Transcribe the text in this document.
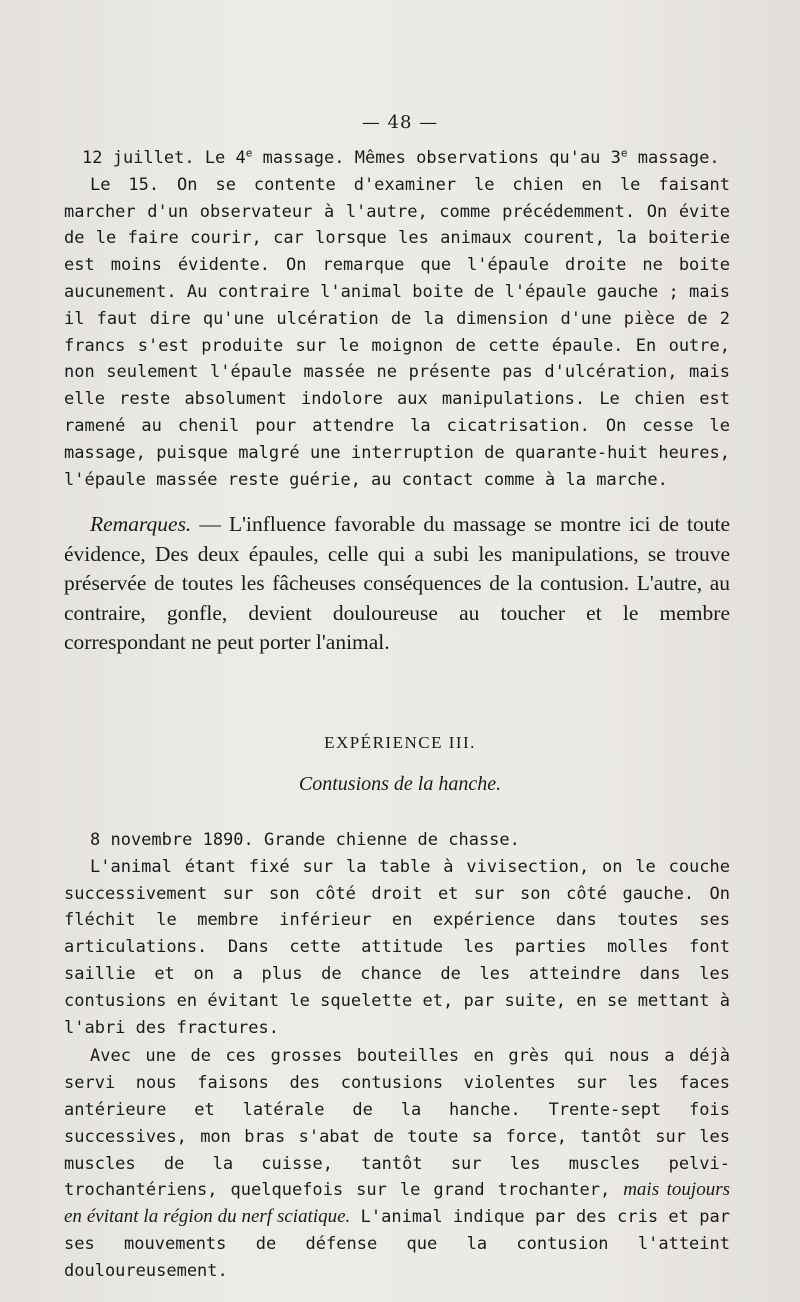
— 48 —

12 juillet. Le 4e massage. Mêmes observations qu'au 3e massage.

Le 15. On se contente d'examiner le chien en le faisant marcher d'un observateur à l'autre, comme précédemment. On évite de le faire courir, car lorsque les animaux courent, la boiterie est moins évidente. On remarque que l'épaule droite ne boite aucunement. Au contraire l'animal boite de l'épaule gauche ; mais il faut dire qu'une ulcération de la dimension d'une pièce de 2 francs s'est produite sur le moignon de cette épaule. En outre, non seulement l'épaule massée ne présente pas d'ulcération, mais elle reste absolument indolore aux manipulations. Le chien est ramené au chenil pour attendre la cicatrisation. On cesse le massage, puisque malgré une interruption de quarante-huit heures, l'épaule massée reste guérie, au contact comme à la marche.

Remarques. — L'influence favorable du massage se montre ici de toute évidence, Des deux épaules, celle qui a subi les manipulations, se trouve préservée de toutes les fâcheuses conséquences de la contusion. L'autre, au contraire, gonfle, devient douloureuse au toucher et le membre correspondant ne peut porter l'animal.

EXPÉRIENCE III.
Contusions de la hanche.

8 novembre 1890. Grande chienne de chasse.

L'animal étant fixé sur la table à vivisection, on le couche successivement sur son côté droit et sur son côté gauche. On fléchit le membre inférieur en expérience dans toutes ses articulations. Dans cette attitude les parties molles font saillie et on a plus de chance de les atteindre dans les contusions en évitant le squelette et, par suite, en se mettant à l'abri des fractures.

Avec une de ces grosses bouteilles en grès qui nous a déjà servi nous faisons des contusions violentes sur les faces antérieure et latérale de la hanche. Trente-sept fois successives, mon bras s'abat de toute sa force, tantôt sur les muscles de la cuisse, tantôt sur les muscles pelvi-trochantériens, quelquefois sur le grand trochanter, mais toujours en évitant la région du nerf sciatique. L'animal indique par des cris et par ses mouvements de défense que la contusion l'atteint douloureusement.
